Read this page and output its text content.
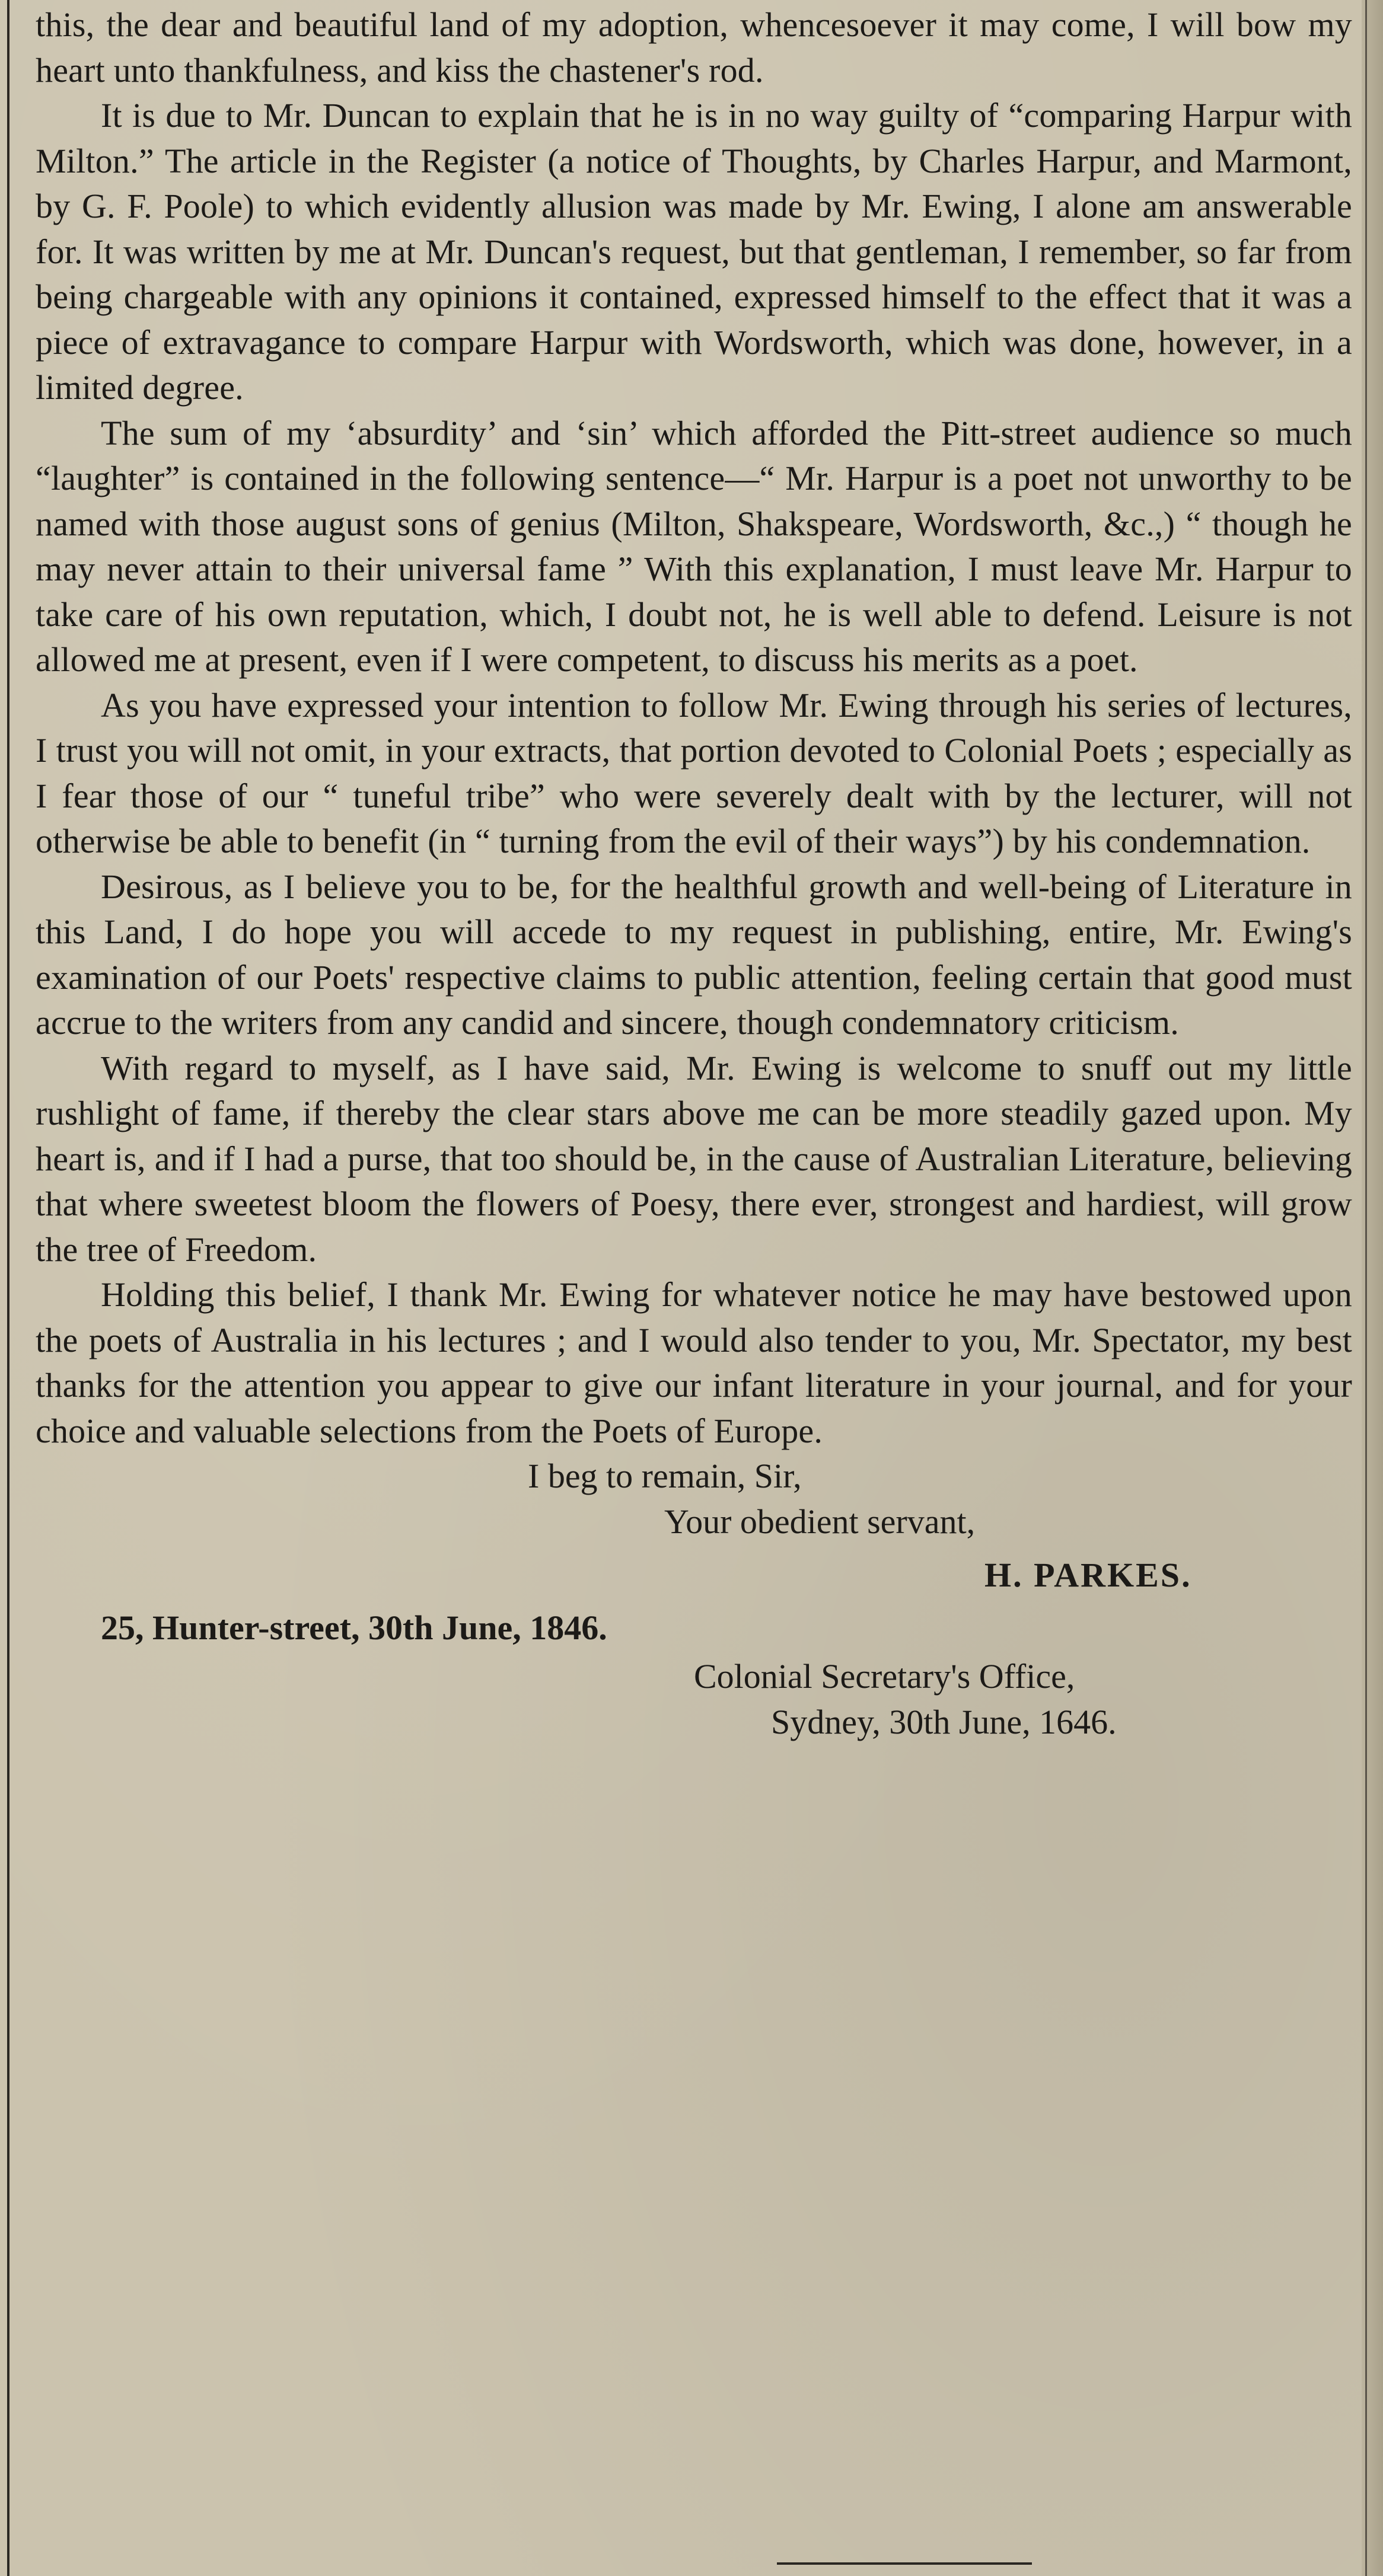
this, the dear and beautiful land of my adoption, whencesoever it may come, I will bow my heart unto thankfulness, and kiss the chastener's rod.

It is due to Mr. Duncan to explain that he is in no way guilty of “comparing Harpur with Milton.” The article in the Register (a notice of Thoughts, by Charles Harpur, and Marmont, by G. F. Poole) to which evidently allusion was made by Mr. Ewing, I alone am answerable for. It was written by me at Mr. Duncan's request, but that gentleman, I remember, so far from being chargeable with any opinions it contained, expressed himself to the effect that it was a piece of extravagance to compare Harpur with Wordsworth, which was done, however, in a limited degree.

The sum of my ‘absurdity’ and ‘sin’ which afforded the Pitt-street audience so much “laughter” is contained in the following sentence—“ Mr. Harpur is a poet not unworthy to be named with those august sons of genius (Milton, Shakspeare, Wordsworth, &c.,) “ though he may never attain to their universal fame ” With this explanation, I must leave Mr. Harpur to take care of his own reputation, which, I doubt not, he is well able to defend. Leisure is not allowed me at present, even if I were competent, to discuss his merits as a poet.

As you have expressed your intention to follow Mr. Ewing through his series of lectures, I trust you will not omit, in your extracts, that portion devoted to Colonial Poets ; especially as I fear those of our “ tuneful tribe” who were severely dealt with by the lecturer, will not otherwise be able to benefit (in “ turning from the evil of their ways”) by his condemnation.

Desirous, as I believe you to be, for the healthful growth and well-being of Literature in this Land, I do hope you will accede to my request in publishing, entire, Mr. Ewing's examination of our Poets' respective claims to public attention, feeling certain that good must accrue to the writers from any candid and sincere, though condemnatory criticism.

With regard to myself, as I have said, Mr. Ewing is welcome to snuff out my little rushlight of fame, if thereby the clear stars above me can be more steadily gazed upon. My heart is, and if I had a purse, that too should be, in the cause of Australian Literature, believing that where sweetest bloom the flowers of Poesy, there ever, strongest and hardiest, will grow the tree of Freedom.

Holding this belief, I thank Mr. Ewing for whatever notice he may have bestowed upon the poets of Australia in his lectures ; and I would also tender to you, Mr. Spectator, my best thanks for the attention you appear to give our infant literature in your journal, and for your choice and valuable selections from the Poets of Europe.

I beg to remain, Sir,

Your obedient servant,

H. PARKES.

25, Hunter-street, 30th June, 1846.

Colonial Secretary's Office,

Sydney, 30th June, 1646.
